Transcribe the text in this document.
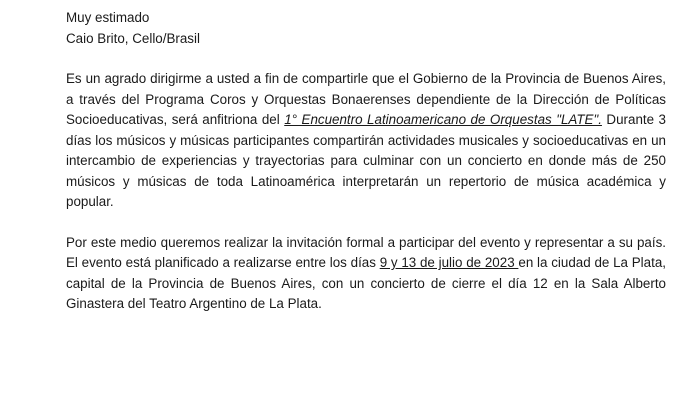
Muy estimado
Caio Brito, Cello/Brasil

Es un agrado dirigirme a usted a fin de compartirle que el Gobierno de la Provincia de Buenos Aires, a través del Programa Coros y Orquestas Bonaerenses dependiente de la Dirección de Políticas Socioeducativas, será anfitriona del 1° Encuentro Latinoamericano de Orquestas "LATE". Durante 3 días los músicos y músicas participantes compartirán actividades musicales y socioeducativas en un intercambio de experiencias y trayectorias para culminar con un concierto en donde más de 250 músicos y músicas de toda Latinoamérica interpretarán un repertorio de música académica y popular.

Por este medio queremos realizar la invitación formal a participar del evento y representar a su país. El evento está planificado a realizarse entre los días 9 y 13 de julio de 2023 en la ciudad de La Plata, capital de la Provincia de Buenos Aires, con un concierto de cierre el día 12 en la Sala Alberto Ginastera del Teatro Argentino de La Plata.
